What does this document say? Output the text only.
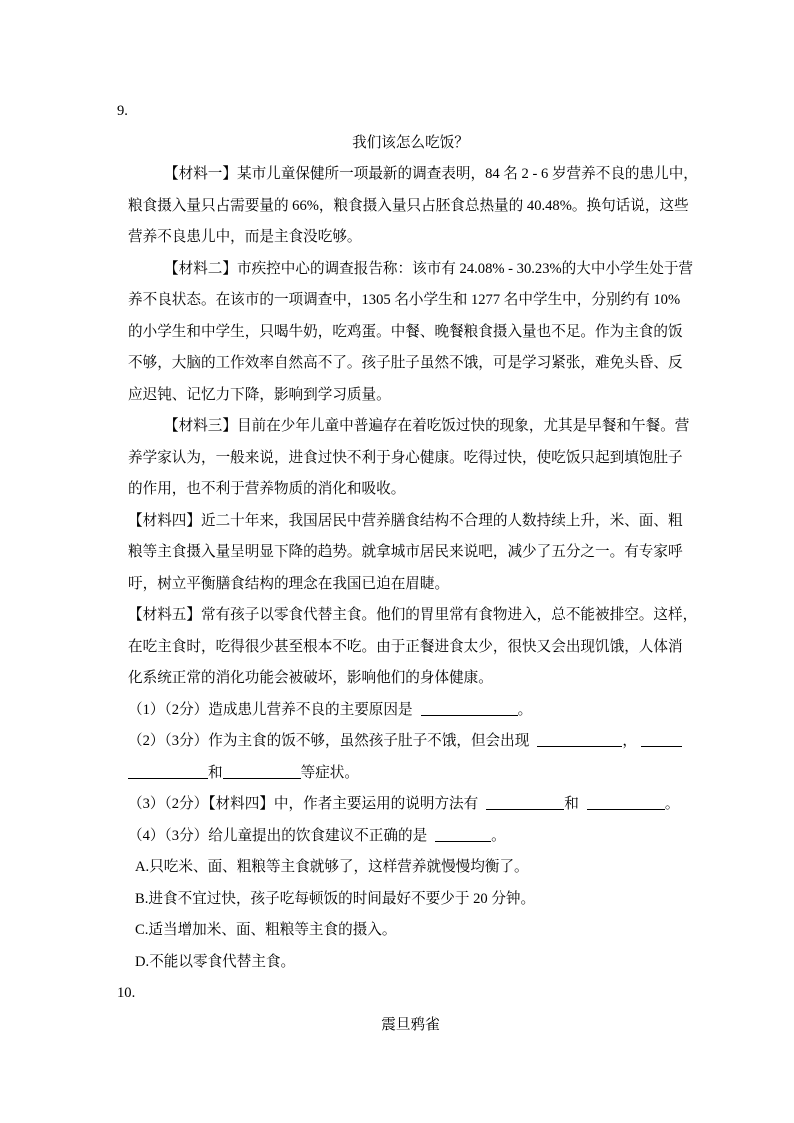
9.
我们该怎么吃饭？
【材料一】某市儿童保健所一项最新的调查表明，84 名 2 - 6 岁营养不良的患儿中，
粮食摄入量只占需要量的 66%，粮食摄入量只占胚食总热量的 40.48%。换句话说，这些
营养不良患儿中，而是主食没吃够。
【材料二】市疾控中心的调查报告称：该市有 24.08% - 30.23%的大中小学生处于营
养不良状态。在该市的一项调查中，1305 名小学生和 1277 名中学生中，分别约有 10%
的小学生和中学生，只喝牛奶，吃鸡蛋。中餐、晚餐粮食摄入量也不足。作为主食的饭
不够，大脑的工作效率自然高不了。孩子肚子虽然不饿，可是学习紧张，难免头昏、反
应迟钝、记忆力下降，影响到学习质量。
【材料三】目前在少年儿童中普遍存在着吃饭过快的现象，尤其是早餐和午餐。营
养学家认为，一般来说，进食过快不利于身心健康。吃得过快，使吃饭只起到填饱肚子
的作用，也不利于营养物质的消化和吸收。
【材料四】近二十年来，我国居民中营养膳食结构不合理的人数持续上升，米、面、粗
粮等主食摄入量呈明显下降的趋势。就拿城市居民来说吧，减少了五分之一。有专家呼
吁，树立平衡膳食结构的理念在我国已迫在眉睫。
【材料五】常有孩子以零食代替主食。他们的胃里常有食物进入，总不能被排空。这样，
在吃主食时，吃得很少甚至根本不吃。由于正餐进食太少，很快又会出现饥饿，人体消
化系统正常的消化功能会被破坏，影响他们的身体健康。
（1）（2分）造成患儿营养不良的主要原因是	。
（2）（3分）作为主食的饭不够，虽然孩子肚子不饿，但会出现	，
和	等症状。
（3）（2分）【材料四】中，作者主要运用的说明方法有	和	。
（4）（3分）给儿童提出的饮食建议不正确的是	。
A.只吃米、面、粗粮等主食就够了，这样营养就慢慢均衡了。
B.进食不宜过快，孩子吃每顿饭的时间最好不要少于 20 分钟。
C.适当增加米、面、粗粮等主食的摄入。
D.不能以零食代替主食。
10.
震旦鸦雀
